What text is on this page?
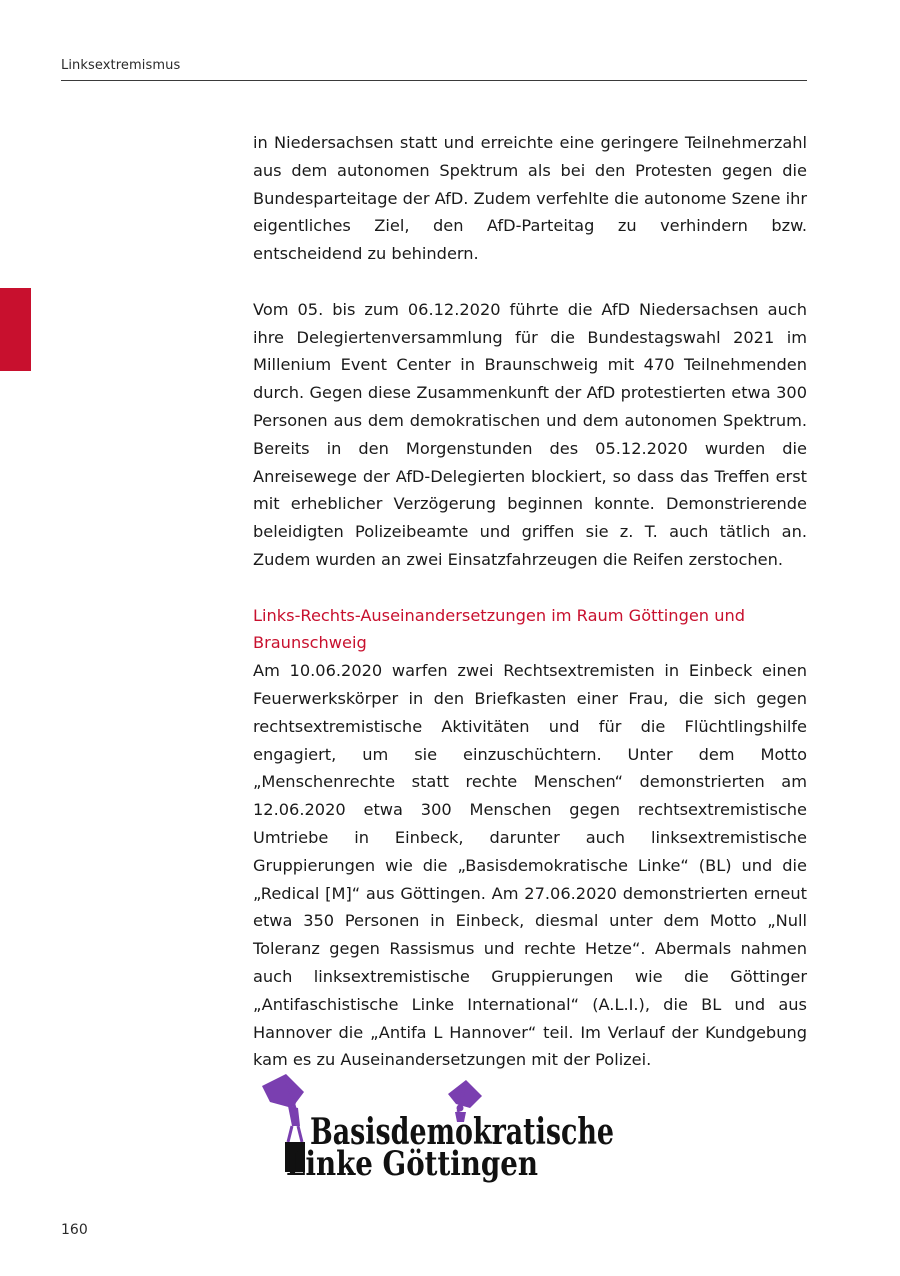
Linksextremismus

in Niedersachsen statt und erreichte eine geringere Teilnehmerzahl aus dem autonomen Spektrum als bei den Protesten gegen die Bundesparteitage der AfD. Zudem verfehlte die autonome Szene ihr eigentliches Ziel, den AfD-Parteitag zu verhindern bzw. entscheidend zu behindern.

Vom 05. bis zum 06.12.2020 führte die AfD Niedersachsen auch ihre Delegiertenversammlung für die Bundestagswahl 2021 im Millenium Event Center in Braunschweig mit 470 Teilnehmenden durch. Gegen diese Zusammenkunft der AfD protestierten etwa 300 Personen aus dem demokratischen und dem autonomen Spektrum. Bereits in den Morgenstunden des 05.12.2020 wurden die Anreisewege der AfD-Delegierten blockiert, so dass das Treffen erst mit erheblicher Verzögerung beginnen konnte. Demonstrierende beleidigten Polizeibeamte und griffen sie z. T. auch tätlich an. Zudem wurden an zwei Einsatzfahrzeugen die Reifen zerstochen.

Links-Rechts-Auseinandersetzungen im Raum Göttingen und Braunschweig

Am 10.06.2020 warfen zwei Rechtsextremisten in Einbeck einen Feuerwerkskörper in den Briefkasten einer Frau, die sich gegen rechtsextremistische Aktivitäten und für die Flüchtlingshilfe engagiert, um sie einzuschüchtern. Unter dem Motto „Menschenrechte statt rechte Menschen“ demonstrierten am 12.06.2020 etwa 300 Menschen gegen rechtsextremistische Umtriebe in Einbeck, darunter auch linksextremistische Gruppierungen wie die „Basisdemokratische Linke“ (BL) und die „Redical [M]“ aus Göttingen. Am 27.06.2020 demonstrierten erneut etwa 350 Personen in Einbeck, diesmal unter dem Motto „Null Toleranz gegen Rassismus und rechte Hetze“. Abermals nahmen auch linksextremistische Gruppierungen wie die Göttinger „Antifaschistische Linke International“ (A.L.I.), die BL und aus Hannover die „Antifa L Hannover“ teil. Im Verlauf der Kundgebung kam es zu Auseinandersetzungen mit der Polizei.

Basisdemokratische
Linke Göttingen
160
